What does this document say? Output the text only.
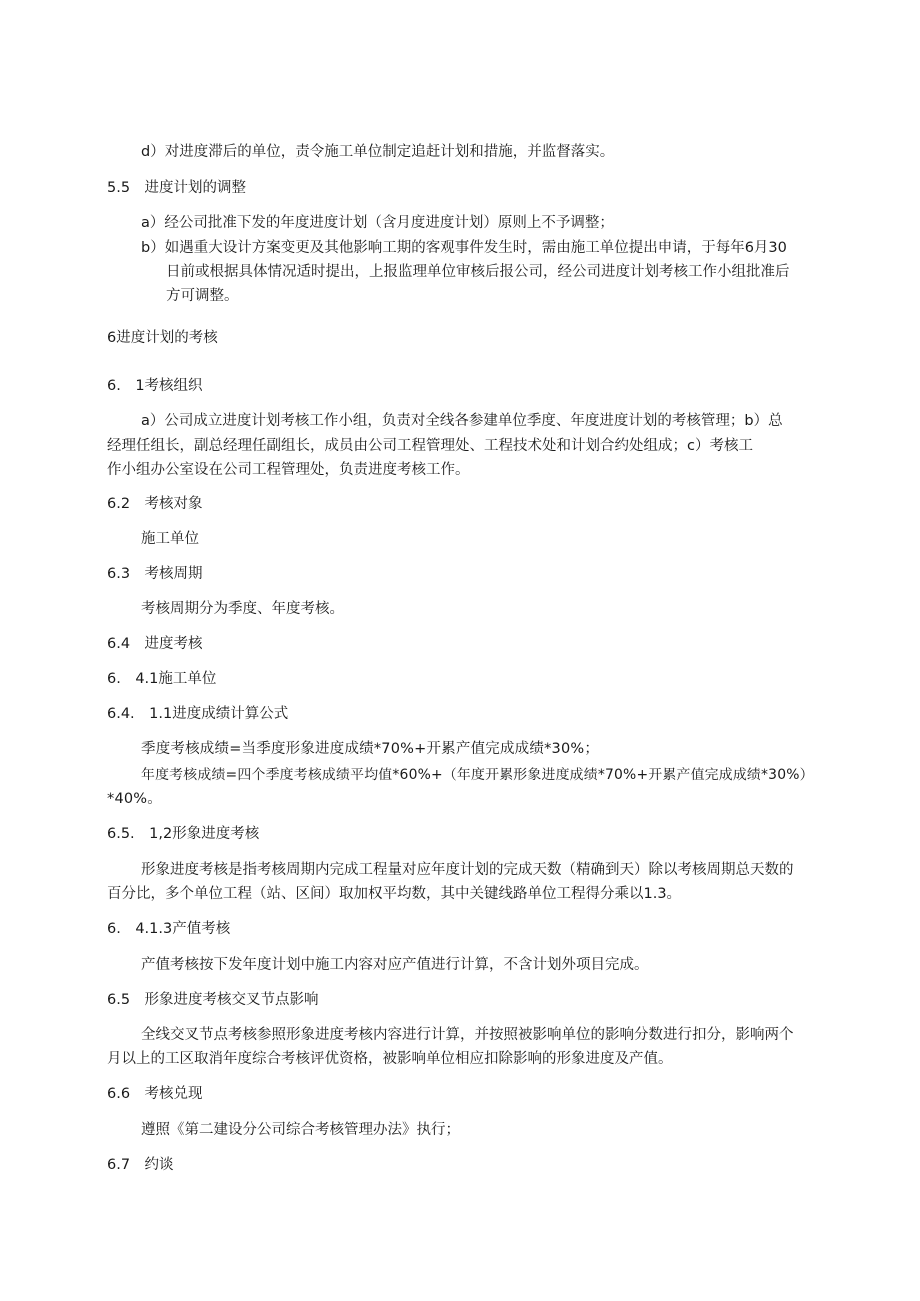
d）对进度滞后的单位，责令施工单位制定追赶计划和措施，并监督落实。
5.5　进度计划的调整
a）经公司批准下发的年度进度计划（含月度进度计划）原则上不予调整；
b）如遇重大设计方案变更及其他影响工期的客观事件发生时，需由施工单位提出申请，于每年6月30
日前或根据具体情况适时提出，上报监理单位审核后报公司，经公司进度计划考核工作小组批准后
方可调整。
6进度计划的考核
6.　1考核组织
a）公司成立进度计划考核工作小组，负责对全线各参建单位季度、年度进度计划的考核管理；b）总
经理任组长，副总经理任副组长，成员由公司工程管理处、工程技术处和计划合约处组成；c）考核工
作小组办公室设在公司工程管理处，负责进度考核工作。
6.2　考核对象
施工单位
6.3　考核周期
考核周期分为季度、年度考核。
6.4　进度考核
6.　4.1施工单位
6.4.　1.1进度成绩计算公式
季度考核成绩=当季度形象进度成绩*70%+开累产值完成成绩*30%；
年度考核成绩=四个季度考核成绩平均值*60%+（年度开累形象进度成绩*70%+开累产值完成成绩*30%）
*40%。
6.5.　1,2形象进度考核
形象进度考核是指考核周期内完成工程量对应年度计划的完成天数（精确到天）除以考核周期总天数的
百分比，多个单位工程（站、区间）取加权平均数，其中关键线路单位工程得分乘以1.3。
6.　4.1.3产值考核
产值考核按下发年度计划中施工内容对应产值进行计算，不含计划外项目完成。
6.5　形象进度考核交叉节点影响
全线交叉节点考核参照形象进度考核内容进行计算，并按照被影响单位的影响分数进行扣分，影响两个
月以上的工区取消年度综合考核评优资格，被影响单位相应扣除影响的形象进度及产值。
6.6　考核兑现
遵照《第二建设分公司综合考核管理办法》执行；
6.7　约谈
